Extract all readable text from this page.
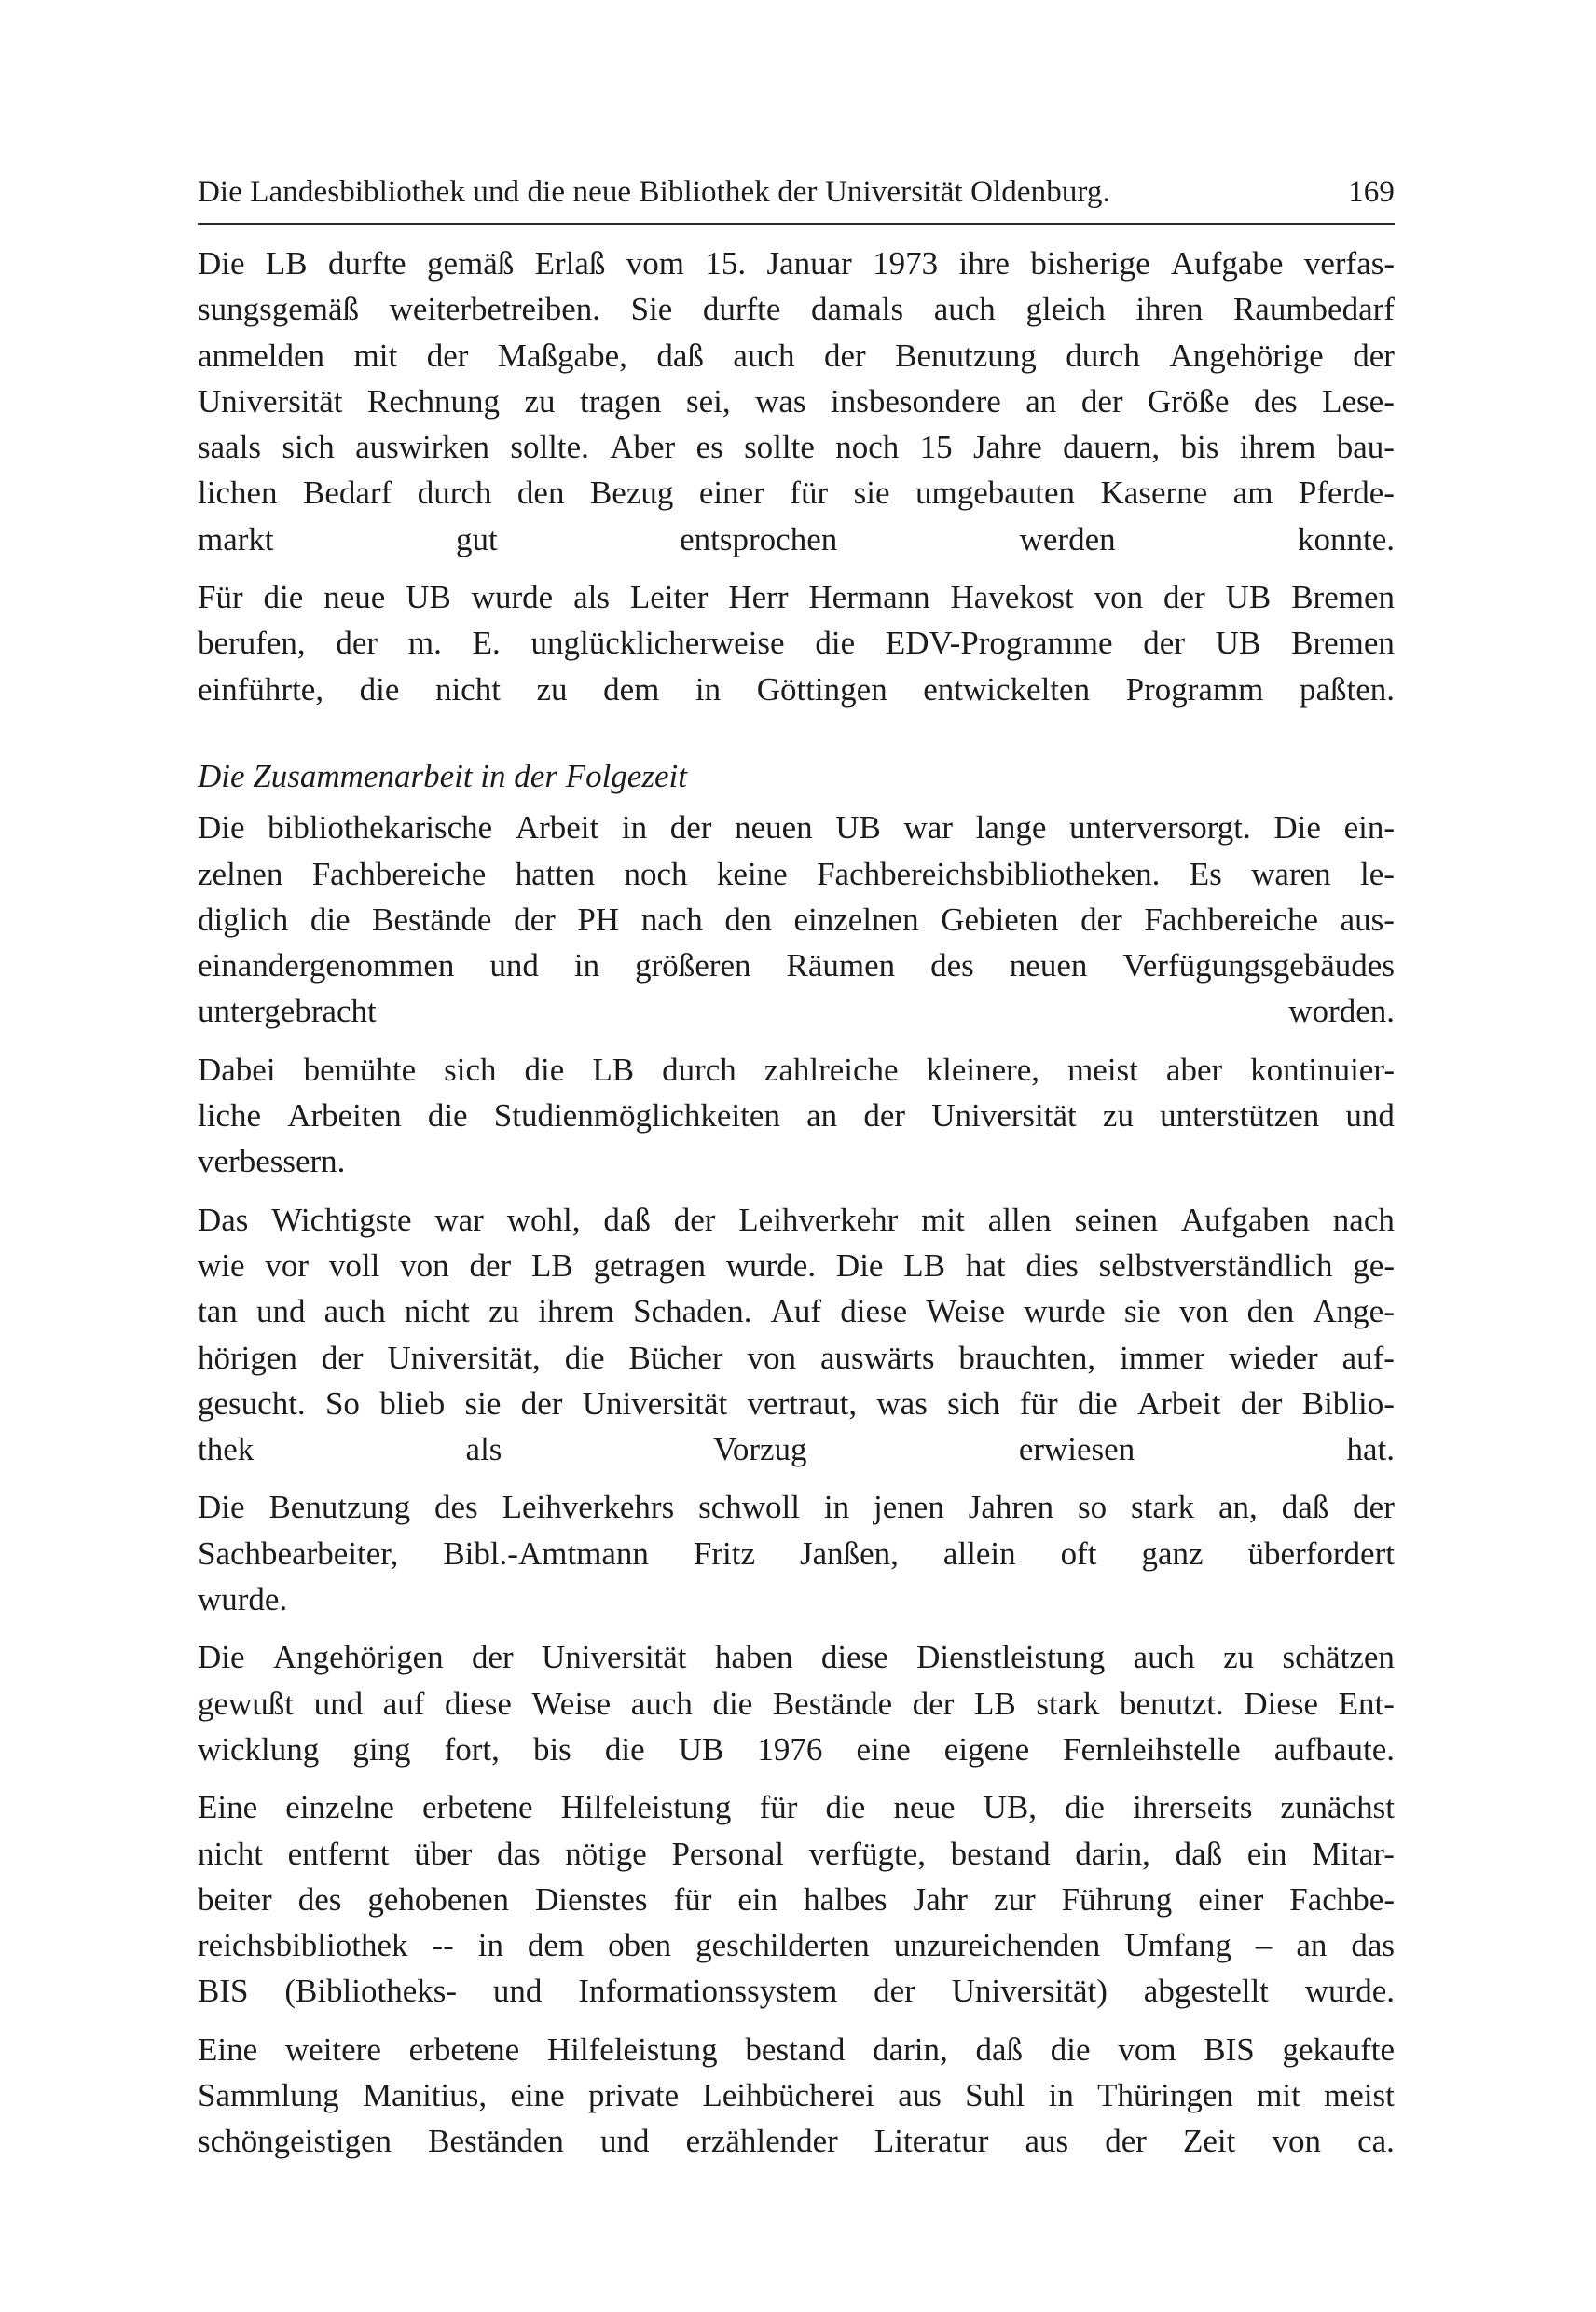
Die Landesbibliothek und die neue Bibliothek der Universität Oldenburg.	169
Die LB durfte gemäß Erlaß vom 15. Januar 1973 ihre bisherige Aufgabe verfas-
sungsgemäß weiterbetreiben. Sie durfte damals auch gleich ihren Raumbedarf
anmelden mit der Maßgabe, daß auch der Benutzung durch Angehörige der
Universität Rechnung zu tragen sei, was insbesondere an der Größe des Lese-
saals sich auswirken sollte. Aber es sollte noch 15 Jahre dauern, bis ihrem bau-
lichen Bedarf durch den Bezug einer für sie umgebauten Kaserne am Pferde-
markt gut entsprochen werden konnte.
Für die neue UB wurde als Leiter Herr Hermann Havekost von der UB Bremen
berufen, der m. E. unglücklicherweise die EDV-Programme der UB Bremen
einführte, die nicht zu dem in Göttingen entwickelten Programm paßten.
Die Zusammenarbeit in der Folgezeit
Die bibliothekarische Arbeit in der neuen UB war lange unterversorgt. Die ein-
zelnen Fachbereiche hatten noch keine Fachbereichsbibliotheken. Es waren le-
diglich die Bestände der PH nach den einzelnen Gebieten der Fachbereiche aus-
einandergenommen und in größeren Räumen des neuen Verfügungsgebäudes
untergebracht worden.
Dabei bemühte sich die LB durch zahlreiche kleinere, meist aber kontinuier-
liche Arbeiten die Studienmöglichkeiten an der Universität zu unterstützen und
verbessern.
Das Wichtigste war wohl, daß der Leihverkehr mit allen seinen Aufgaben nach
wie vor voll von der LB getragen wurde. Die LB hat dies selbstverständlich ge-
tan und auch nicht zu ihrem Schaden. Auf diese Weise wurde sie von den Ange-
hörigen der Universität, die Bücher von auswärts brauchten, immer wieder auf-
gesucht. So blieb sie der Universität vertraut, was sich für die Arbeit der Biblio-
thek als Vorzug erwiesen hat.
Die Benutzung des Leihverkehrs schwoll in jenen Jahren so stark an, daß der
Sachbearbeiter, Bibl.-Amtmann Fritz Janßen, allein oft ganz überfordert
wurde.
Die Angehörigen der Universität haben diese Dienstleistung auch zu schätzen
gewußt und auf diese Weise auch die Bestände der LB stark benutzt. Diese Ent-
wicklung ging fort, bis die UB 1976 eine eigene Fernleihstelle aufbaute.
Eine einzelne erbetene Hilfeleistung für die neue UB, die ihrerseits zunächst
nicht entfernt über das nötige Personal verfügte, bestand darin, daß ein Mitar-
beiter des gehobenen Dienstes für ein halbes Jahr zur Führung einer Fachbe-
reichsbibliothek -- in dem oben geschilderten unzureichenden Umfang – an das
BIS (Bibliotheks- und Informationssystem der Universität) abgestellt wurde.
Eine weitere erbetene Hilfeleistung bestand darin, daß die vom BIS gekaufte
Sammlung Manitius, eine private Leihbücherei aus Suhl in Thüringen mit meist
schöngeistigen Beständen und erzählender Literatur aus der Zeit von ca.
